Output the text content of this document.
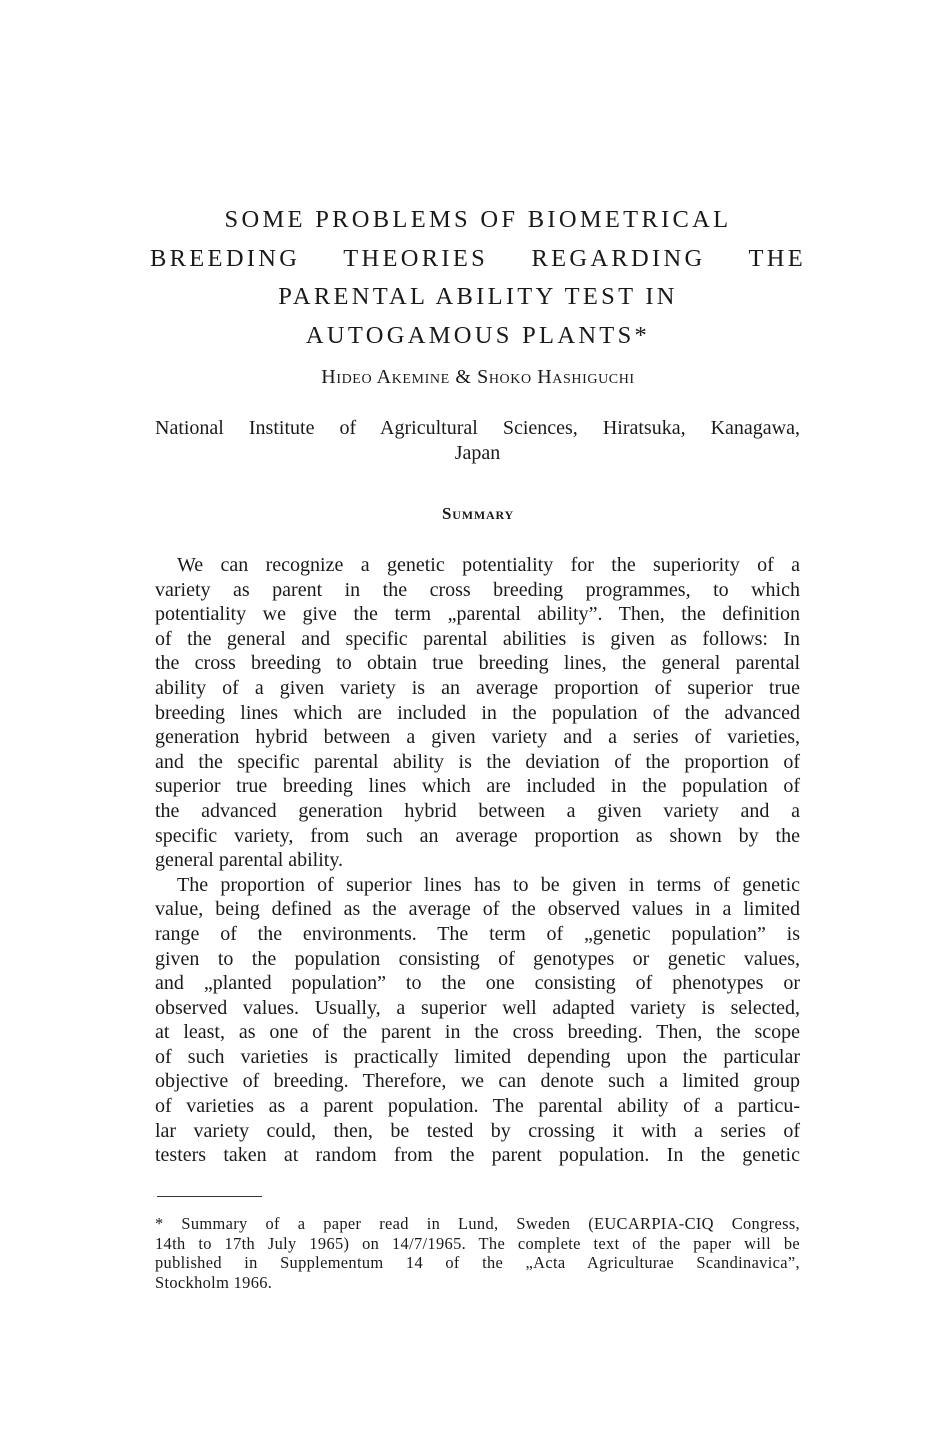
SOME PROBLEMS OF BIOMETRICAL
BREEDING THEORIES REGARDING THE
PARENTAL ABILITY TEST IN
AUTOGAMOUS PLANTS*

Hideo Akemine & Shoko Hashiguchi

National Institute of Agricultural Sciences, Hiratsuka, Kanagawa,
Japan

Summary

We can recognize a genetic potentiality for the superiority of a
variety as parent in the cross breeding programmes, to which
potentiality we give the term „parental ability”. Then, the definition
of the general and specific parental abilities is given as follows: In
the cross breeding to obtain true breeding lines, the general parental
ability of a given variety is an average proportion of superior true
breeding lines which are included in the population of the advanced
generation hybrid between a given variety and a series of varieties,
and the specific parental ability is the deviation of the proportion of
superior true breeding lines which are included in the population of
the advanced generation hybrid between a given variety and a
specific variety, from such an average proportion as shown by the
general parental ability.

The proportion of superior lines has to be given in terms of genetic
value, being defined as the average of the observed values in a limited
range of the environments. The term of „genetic population” is
given to the population consisting of genotypes or genetic values,
and „planted population” to the one consisting of phenotypes or
observed values. Usually, a superior well adapted variety is selected,
at least, as one of the parent in the cross breeding. Then, the scope
of such varieties is practically limited depending upon the particular
objective of breeding. Therefore, we can denote such a limited group
of varieties as a parent population. The parental ability of a particu-
lar variety could, then, be tested by crossing it with a series of
testers taken at random from the parent population. In the genetic

* Summary of a paper read in Lund, Sweden (EUCARPIA-CIQ Congress,
14th to 17th July 1965) on 14/7/1965. The complete text of the paper will be
published in Supplementum 14 of the „Acta Agriculturae Scandinavica”,
Stockholm 1966.
